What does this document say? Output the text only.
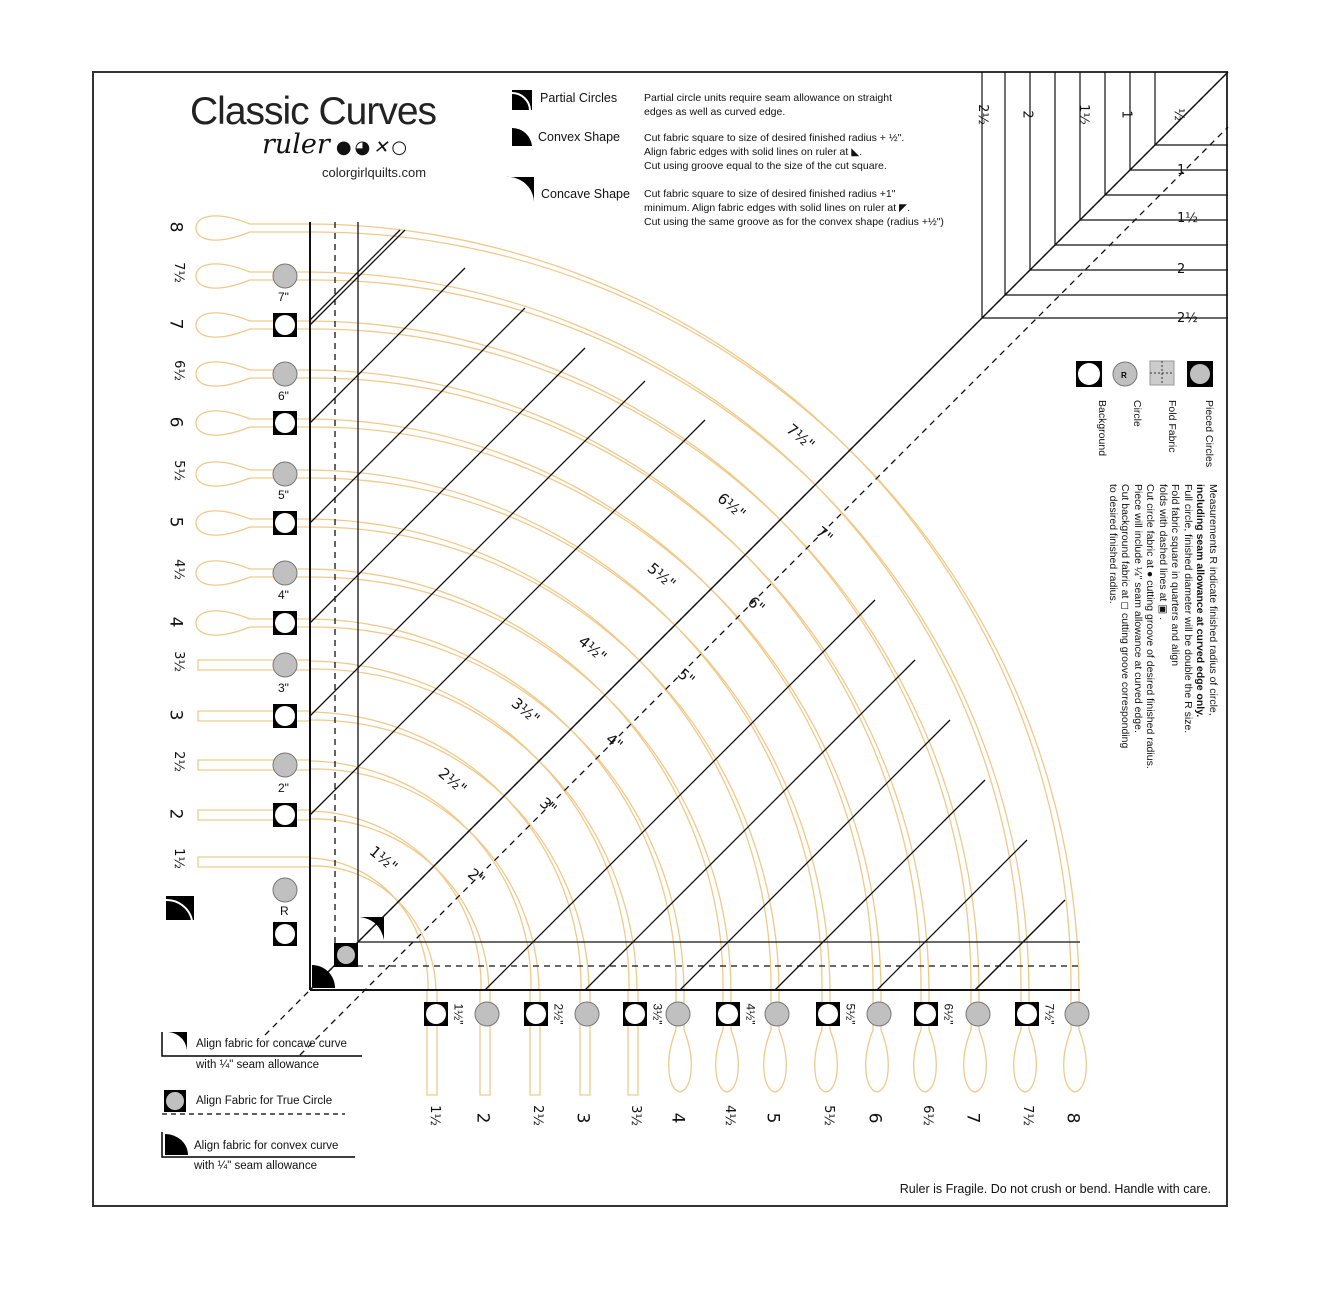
R
Classic Curves
ruler ●◕✕○
colorgirlquilts.com
Partial Circles	Partial circle units require seam allowance on straight
edges as well as curved edge.
Convex Shape Cut fabric square to size of desired finished radius + ½".
Align fabric edges with solid lines on ruler at ◣.
Cut using groove equal to the size of the cut square.
Concave Shape Cut fabric square to size of desired finished radius +1"
minimum. Align fabric edges with solid lines on ruler at ◤.
Cut using the same groove as for the convex shape (radius +½")
Pieced Circles
Fold Fabric
Circle
Background
Measurements R indicate finished radius of circle,
including seam allowance at curved edge only.
Full circle, finished diameter will be double the R size.
Fold fabric square in quarters and align
folds with dashed lines at ▣ .
Cut circle fabric at ● cutting groove of desired finished radius.
Piece will include ¼" seam allowance at curved edge.
Cut background fabric at ◻ cutting groove corresponding
to desired finished radius.
8
7½
7
6½
6
5½
5
4½
4
3½
3
2½
2
1½
1½ 2	2½ 3	3½ 4	4½ 5	5½ 6	6½ 7	7½ 8
7"
6"
5"
4"
3"
2"
R
1½"	2½"	3½"	4½"	5½"	6½"	7½"
2½ 2	1½ 1	½
1
1½
2
2½
1½"
2½"
3½"
4½"
5½"
6½"
7½"
2"
3"
4"
5"
6"
7"
Align fabric for concave curve
with ¼" seam allowance
Align Fabric for True Circle
Align fabric for convex curve
with ¼" seam allowance
Ruler is Fragile. Do not crush or bend. Handle with care.
